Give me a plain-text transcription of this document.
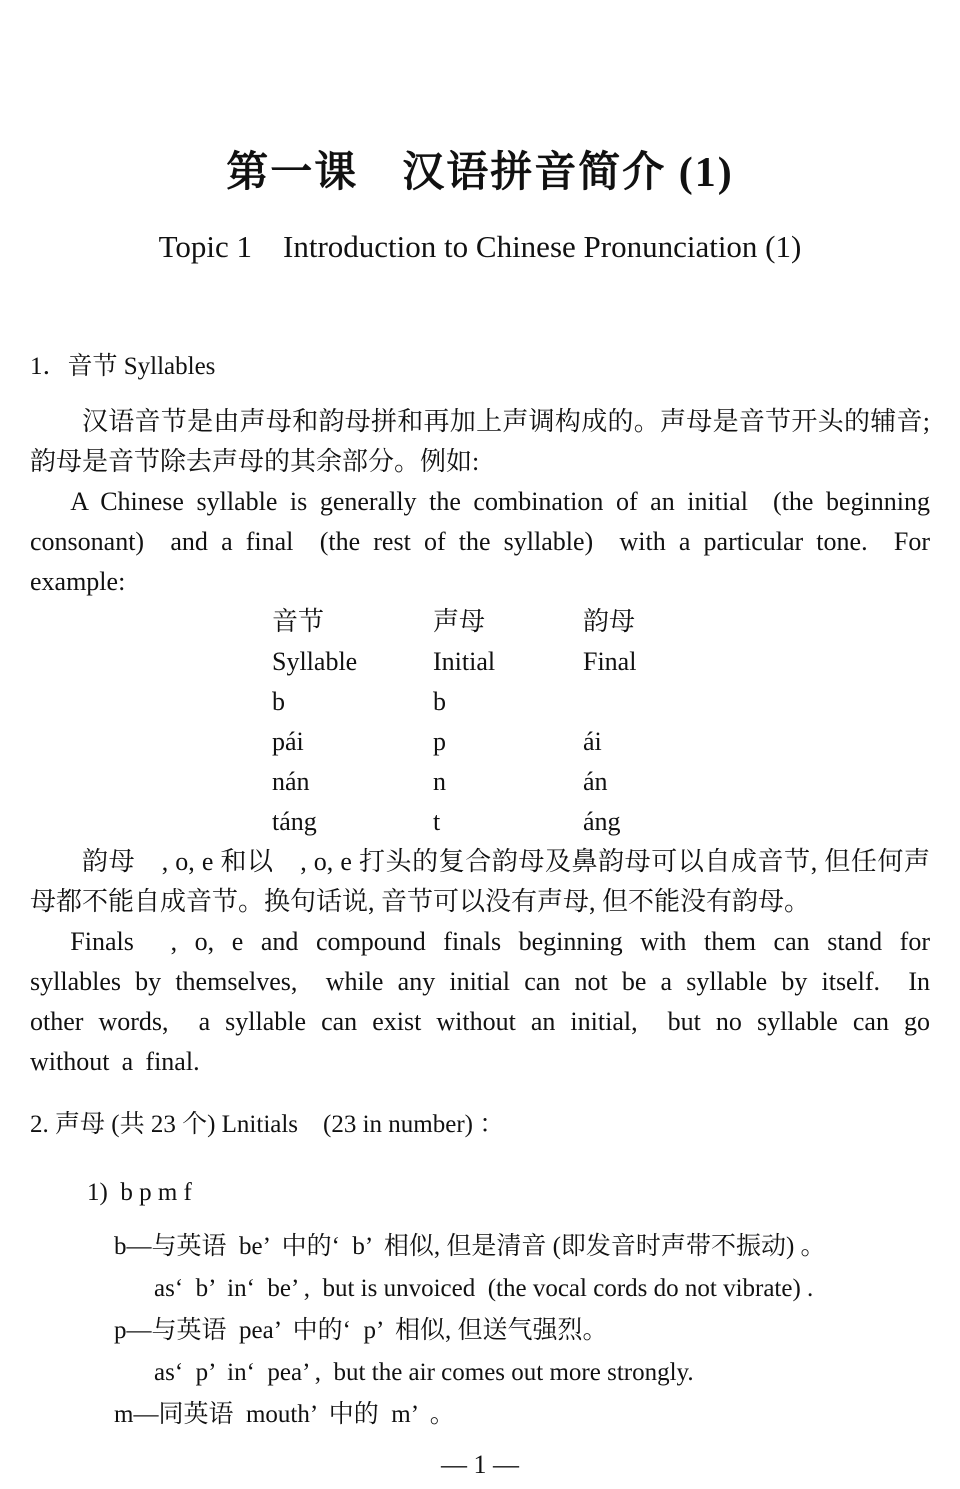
第一课　汉语拼音简介 (1)
Topic 1　Introduction to Chinese Pronunciation (1)
1．音节 Syllables

汉语音节是由声母和韵母拼和再加上声调构成的。声母是音节开头的辅音;韵母是音节除去声母的其余部分。例如:

A Chinese syllable is generally the combination of an initial  (the beginning consonant)  and a final  (the rest of the syllable)  with a particular tone.  For example:

音节	声母	韵母
Syllable	Initial	Final
b	b
pái	p	ái
nán	n	án
táng	t	áng

韵母　, o, e 和以　, o, e 打头的复合韵母及鼻韵母可以自成音节, 但任何声母都不能自成音节。换句话说, 音节可以没有声母, 但不能没有韵母。

Finals　, o, e and compound finals beginning with them can stand for syllables by themselves,  while any initial can not be a syllable by itself.  In other words,  a syllable can exist without an initial,  but no syllable can go without a final.

2. 声母 (共 23 个) Lnitials　(23 in number) ：
1)  b p m f

b—与英语  be’  中的‘  b’  相似, 但是清音 (即发音时声带不振动) 。

as‘  b’  in‘  be’ ,  but is unvoiced  (the vocal cords do not vibrate) .

p—与英语  pea’  中的‘  p’  相似, 但送气强烈。

as‘  p’  in‘  pea’ ,  but the air comes out more strongly.

m—同英语  mouth’  中的  m’  。

— 1 —
